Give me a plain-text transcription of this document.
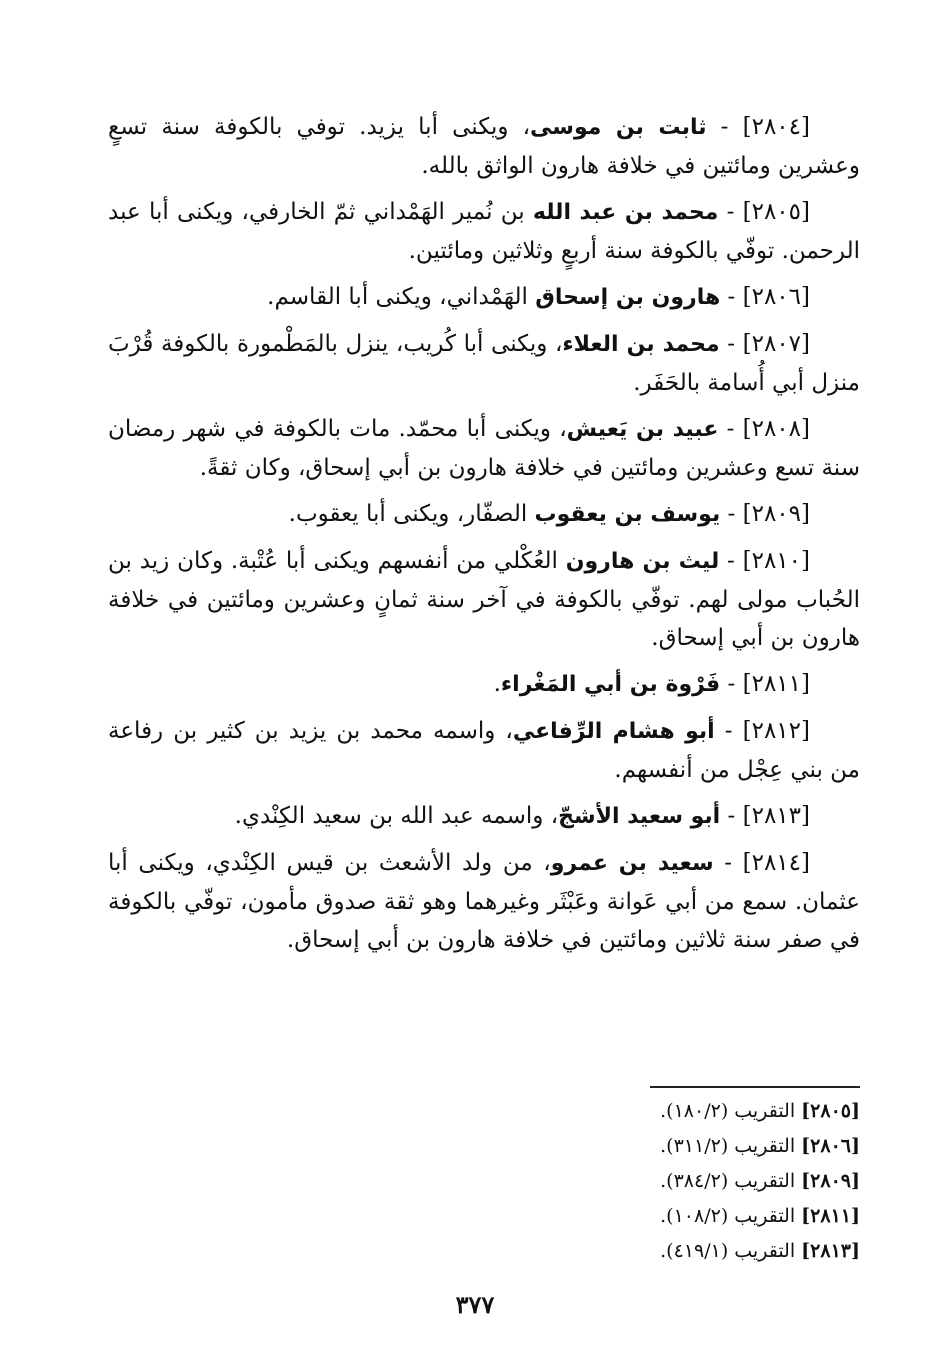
[٢٨٠٤] - ثابت بن موسى، ويكنى أبا يزيد. توفي بالكوفة سنة تسعٍ وعشرين ومائتين في خلافة هارون الواثق بالله.

[٢٨٠٥] - محمد بن عبد الله بن نُمير الهَمْداني ثمّ الخارفي، ويكنى أبا عبد الرحمن. توفّي بالكوفة سنة أربعٍ وثلاثين ومائتين.

[٢٨٠٦] - هارون بن إسحاق الهَمْداني، ويكنى أبا القاسم.

[٢٨٠٧] - محمد بن العلاء، ويكنى أبا كُريب، ينزل بالمَطْمورة بالكوفة قُرْبَ منزل أبي أُسامة بالحَفَر.

[٢٨٠٨] - عبيد بن يَعيش، ويكنى أبا محمّد. مات بالكوفة في شهر رمضان سنة تسع وعشرين ومائتين في خلافة هارون بن أبي إسحاق، وكان ثقةً.

[٢٨٠٩] - يوسف بن يعقوب الصفّار، ويكنى أبا يعقوب.

[٢٨١٠] - ليث بن هارون العُكْلي من أنفسهم ويكنى أبا عُتْبة. وكان زيد بن الحُباب مولى لهم. توفّي بالكوفة في آخر سنة ثمانٍ وعشرين ومائتين في خلافة هارون بن أبي إسحاق.

[٢٨١١] - فَرْوة بن أبي المَغْراء.

[٢٨١٢] - أبو هشام الرِّفاعي، واسمه محمد بن يزيد بن كثير بن رفاعة من بني عِجْل من أنفسهم.

[٢٨١٣] - أبو سعيد الأشجّ، واسمه عبد الله بن سعيد الكِنْدي.

[٢٨١٤] - سعيد بن عمرو، من ولد الأشعث بن قيس الكِنْدي، ويكنى أبا عثمان. سمع من أبي عَوانة وعَبْثَر وغيرهما وهو ثقة صدوق مأمون، توفّي بالكوفة في صفر سنة ثلاثين ومائتين في خلافة هارون بن أبي إسحاق.

[٢٨٠٥] التقريب (١٨٠/٢).

[٢٨٠٦] التقريب (٣١١/٢).

[٢٨٠٩] التقريب (٣٨٤/٢).

[٢٨١١] التقريب (١٠٨/٢).

[٢٨١٣] التقريب (٤١٩/١).

٣٧٧
